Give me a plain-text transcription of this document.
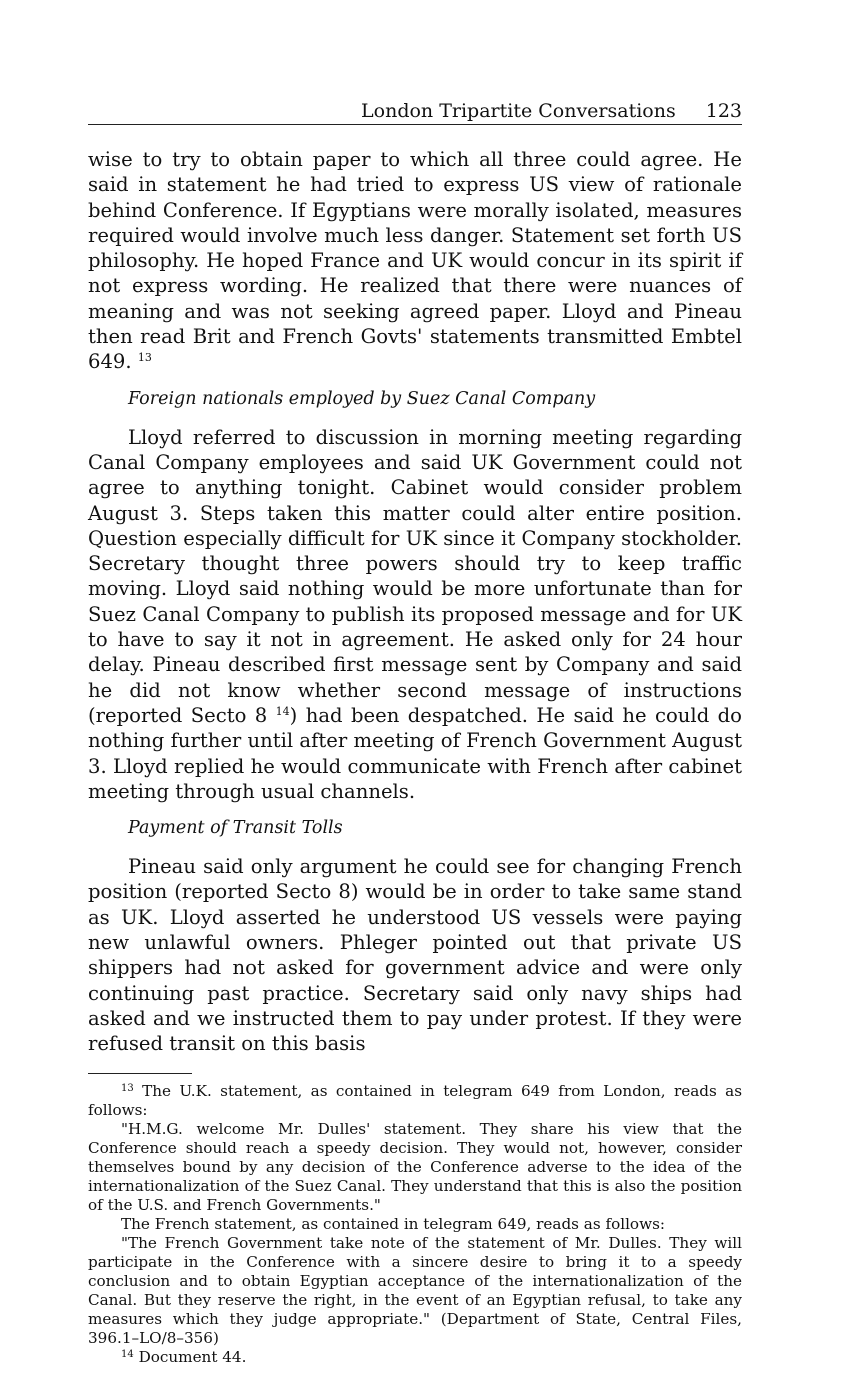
London Tripartite Conversations 123

wise to try to obtain paper to which all three could agree. He said in statement he had tried to express US view of rationale behind Conference. If Egyptians were morally isolated, measures required would involve much less danger. Statement set forth US philosophy. He hoped France and UK would concur in its spirit if not express wording. He realized that there were nuances of meaning and was not seeking agreed paper. Lloyd and Pineau then read Brit and French Govts' statements transmitted Embtel 649. $^{13}$

Foreign nationals employed by Suez Canal Company

Lloyd referred to discussion in morning meeting regarding Canal Company employees and said UK Government could not agree to anything tonight. Cabinet would consider problem August 3. Steps taken this matter could alter entire position. Question especially difficult for UK since it Company stockholder. Secretary thought three powers should try to keep traffic moving. Lloyd said nothing would be more unfortunate than for Suez Canal Company to publish its proposed message and for UK to have to say it not in agreement. He asked only for 24 hour delay. Pineau described first message sent by Company and said he did not know whether second message of instructions (reported Secto 8 $^{14}$) had been despatched. He said he could do nothing further until after meeting of French Government August 3. Lloyd replied he would communicate with French after cabinet meeting through usual channels.

Payment of Transit Tolls

Pineau said only argument he could see for changing French position (reported Secto 8) would be in order to take same stand as UK. Lloyd asserted he understood US vessels were paying new unlawful owners. Phleger pointed out that private US shippers had not asked for government advice and were only continuing past practice. Secretary said only navy ships had asked and we instructed them to pay under protest. If they were refused transit on this basis

$^{13}$ The U.K. statement, as contained in telegram 649 from London, reads as follows:

"H.M.G. welcome Mr. Dulles' statement. They share his view that the Conference should reach a speedy decision. They would not, however, consider themselves bound by any decision of the Conference adverse to the idea of the internationalization of the Suez Canal. They understand that this is also the position of the U.S. and French Governments."

The French statement, as contained in telegram 649, reads as follows:

"The French Government take note of the statement of Mr. Dulles. They will participate in the Conference with a sincere desire to bring it to a speedy conclusion and to obtain Egyptian acceptance of the internationalization of the Canal. But they reserve the right, in the event of an Egyptian refusal, to take any measures which they judge appropriate." (Department of State, Central Files, 396.1–LO/8–356)

$^{14}$ Document 44.
